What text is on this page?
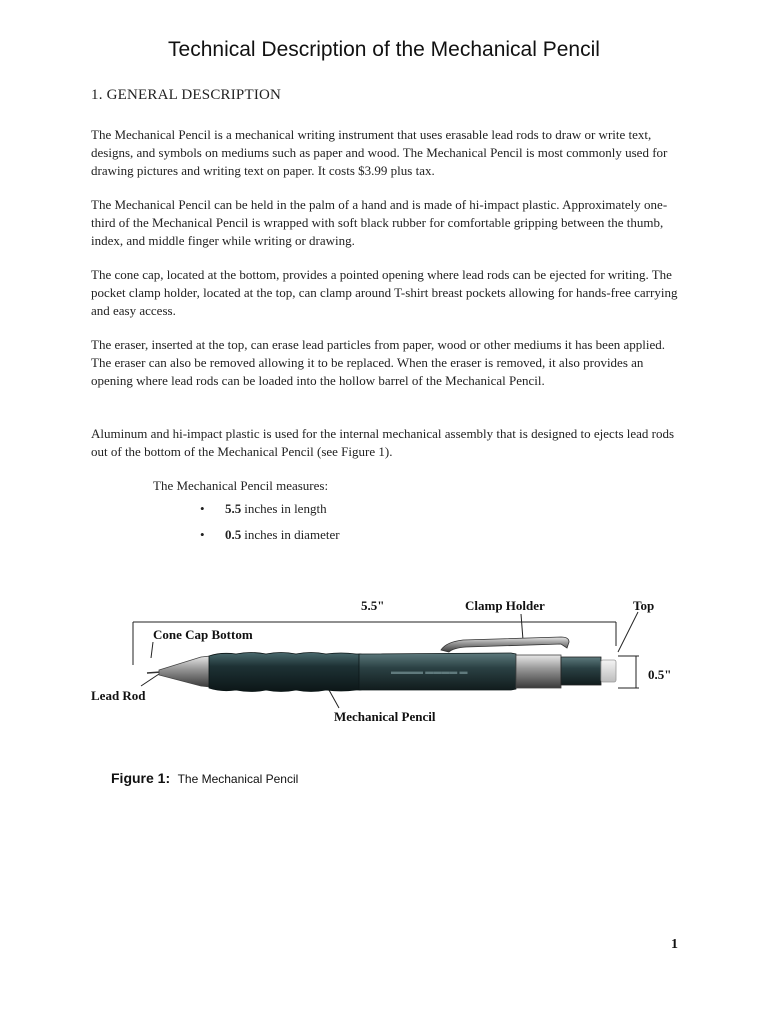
Technical Description of the Mechanical Pencil
1. GENERAL DESCRIPTION

The Mechanical Pencil is a mechanical writing instrument that uses erasable lead rods to draw or write text, designs, and symbols on mediums such as paper and wood. The Mechanical Pencil is most commonly used for drawing pictures and writing text on paper. It costs $3.99 plus tax.

The Mechanical Pencil can be held in the palm of a hand and is made of hi-impact plastic. Approximately one-third of the Mechanical Pencil is wrapped with soft black rubber for comfortable gripping between the thumb, index, and middle finger while writing or drawing.

The cone cap, located at the bottom, provides a pointed opening where lead rods can be ejected for writing. The pocket clamp holder, located at the top, can clamp around T-shirt breast pockets allowing for hands-free carrying and easy access.

The eraser, inserted at the top, can erase lead particles from paper, wood or other mediums it has been applied. The eraser can also be removed allowing it to be replaced. When the eraser is removed, it also provides an opening where lead rods can be loaded into the hollow barrel of the Mechanical Pencil.

Aluminum and hi-impact plastic is used for the internal mechanical assembly that is designed to ejects lead rods out of the bottom of the Mechanical Pencil (see Figure 1).

The Mechanical Pencil measures:

•	5.5 inches in length
•	0.5 inches in diameter
5.5"
▬▬▬▬ ▬▬▬▬ ▬
Clamp Holder	Top
Cone Cap Bottom
0.5"
Lead Rod
Mechanical Pencil

Figure 1: The Mechanical Pencil

1
